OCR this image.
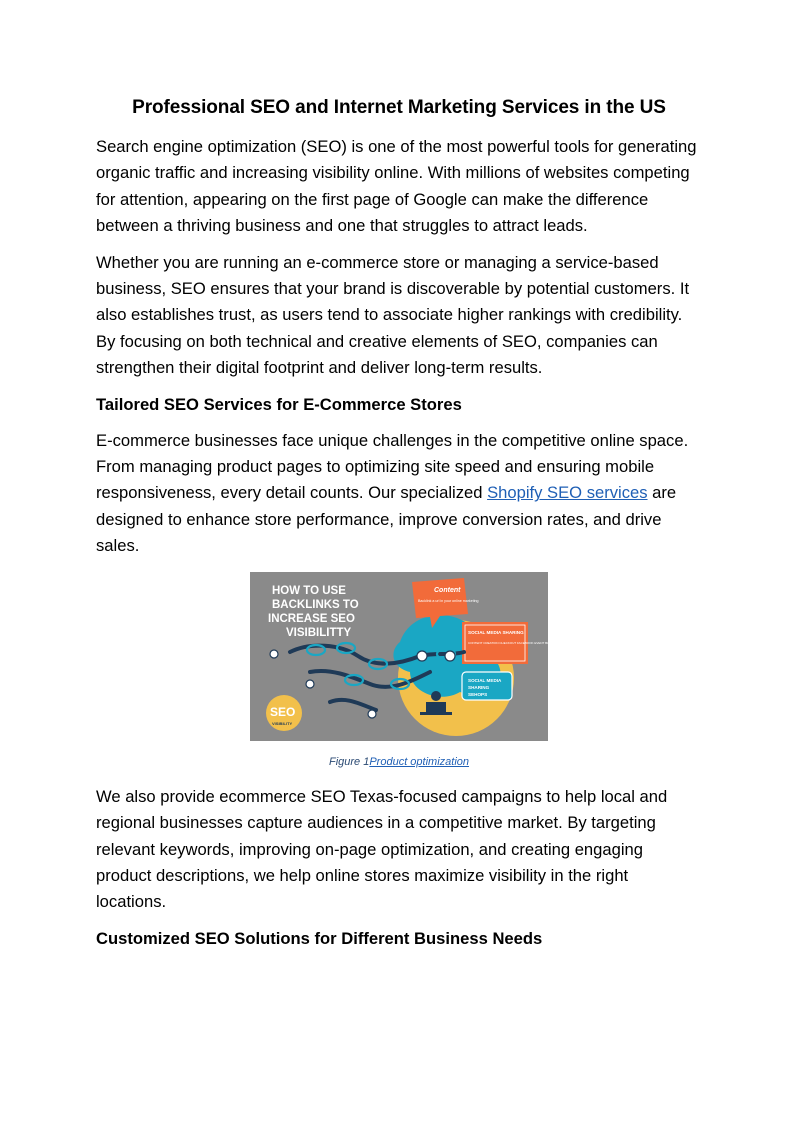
Professional SEO and Internet Marketing Services in the US

Search engine optimization (SEO) is one of the most powerful tools for generating organic traffic and increasing visibility online. With millions of websites competing for attention, appearing on the first page of Google can make the difference between a thriving business and one that struggles to attract leads.

Whether you are running an e-commerce store or managing a service-based business, SEO ensures that your brand is discoverable by potential customers. It also establishes trust, as users tend to associate higher rankings with credibility. By focusing on both technical and creative elements of SEO, companies can strengthen their digital footprint and deliver long-term results.

Tailored SEO Services for E-Commerce Stores

E-commerce businesses face unique challenges in the competitive online space. From managing product pages to optimizing site speed and ensuring mobile responsiveness, every detail counts. Our specialized Shopify SEO services are designed to enhance store performance, improve conversion rates, and drive sales.

HOW TO USE
BACKLINKS TO
INCREASE SEO
VISIBILITTY
Content
Backlink a url in your online marketing
SOCIAL MEDIA SHARING
CONTENT CREATION CHECKOUT FACEBOOK EVENT BLOGGING
SOCIAL MEDIA
SHARING
SEHOPS
SEO
VISIBILITY
Figure 1Product optimization

We also provide ecommerce SEO Texas-focused campaigns to help local and regional businesses capture audiences in a competitive market. By targeting relevant keywords, improving on-page optimization, and creating engaging product descriptions, we help online stores maximize visibility in the right locations.

Customized SEO Solutions for Different Business Needs
